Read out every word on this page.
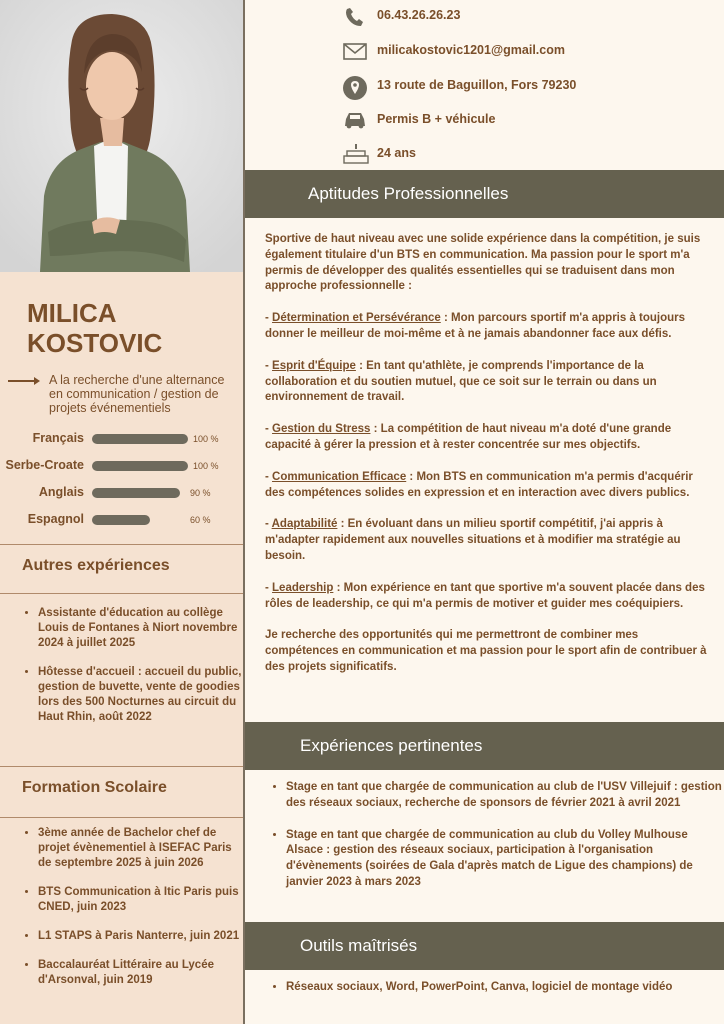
MILICA
KOSTOVIC
A la recherche d'une alternance en communication / gestion de projets événementiels
Français	100 %
Serbe-Croate	100 %
Anglais	90 %
Espagnol	60 %
Autres expériences
• Assistante d'éducation au collège Louis de Fontanes à Niort novembre 2024 à juillet 2025
• Hôtesse d'accueil : accueil du public, gestion de buvette, vente de goodies lors des 500 Nocturnes au circuit du Haut Rhin, août 2022
Formation Scolaire
• 3ème année de Bachelor chef de projet évènementiel à ISEFAC Paris de septembre 2025 à juin 2026
• BTS Communication à Itic Paris puis CNED, juin 2023
• L1 STAPS à Paris Nanterre, juin 2021
• Baccalauréat Littéraire au Lycée d'Arsonval, juin 2019
06.43.26.26.23
milicakostovic1201@gmail.com
13 route de Baguillon, Fors 79230
Permis B + véhicule
24 ans
Aptitudes Professionnelles

Sportive de haut niveau avec une solide expérience dans la compétition, je suis également titulaire d'un BTS en communication. Ma passion pour le sport m'a permis de développer des qualités essentielles qui se traduisent dans mon approche professionnelle :

- Détermination et Persévérance : Mon parcours sportif m'a appris à toujours donner le meilleur de moi-même et à ne jamais abandonner face aux défis.

- Esprit d'Équipe : En tant qu'athlète, je comprends l'importance de la collaboration et du soutien mutuel, que ce soit sur le terrain ou dans un environnement de travail.

- Gestion du Stress : La compétition de haut niveau m'a doté d'une grande capacité à gérer la pression et à rester concentrée sur mes objectifs.

- Communication Efficace : Mon BTS en communication m'a permis d'acquérir des compétences solides en expression et en interaction avec divers publics.

- Adaptabilité : En évoluant dans un milieu sportif compétitif, j'ai appris à m'adapter rapidement aux nouvelles situations et à modifier ma stratégie au besoin.

- Leadership : Mon expérience en tant que sportive m'a souvent placée dans des rôles de leadership, ce qui m'a permis de motiver et guider mes coéquipiers.

Je recherche des opportunités qui me permettront de combiner mes compétences en communication et ma passion pour le sport afin de contribuer à des projets significatifs.

Expériences pertinentes
• Stage en tant que chargée de communication au club de l'USV Villejuif : gestion des réseaux sociaux, recherche de sponsors de février 2021 à avril 2021
• Stage en tant que chargée de communication au club du Volley Mulhouse Alsace : gestion des réseaux sociaux, participation à l'organisation d'évènements (soirées de Gala d'après match de Ligue des champions) de janvier 2023 à mars 2023
Outils maîtrisés
• Réseaux sociaux, Word, PowerPoint, Canva, logiciel de montage vidéo
